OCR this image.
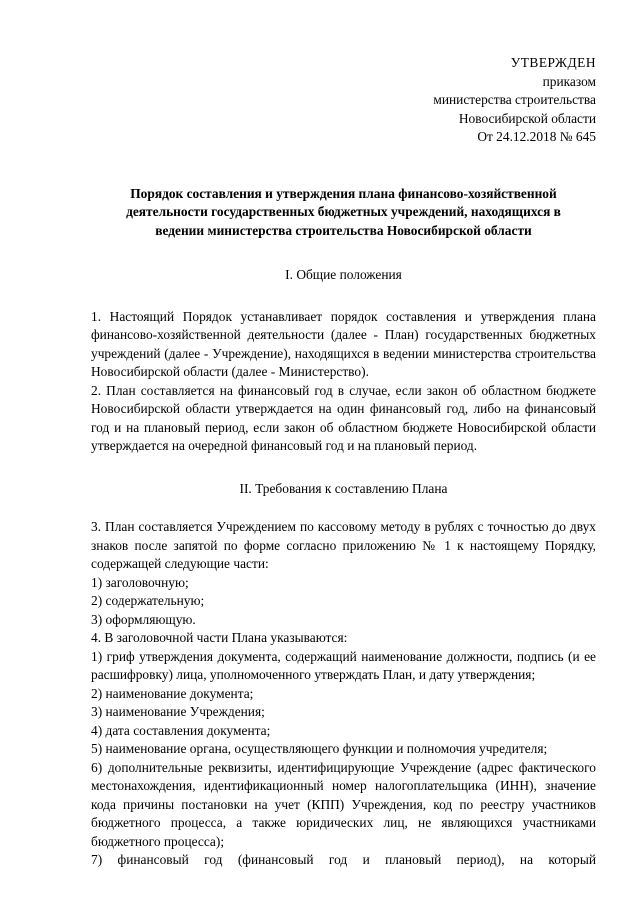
УТВЕРЖДЕН
приказом
министерства строительства
Новосибирской области
От 24.12.2018 № 645
Порядок составления и утверждения плана финансово-хозяйственной
деятельности государственных бюджетных учреждений, находящихся в
ведении министерства строительства Новосибирской области
I. Общие положения
1. Настоящий Порядок устанавливает порядок составления и утверждения плана финансово-хозяйственной деятельности (далее - План) государственных бюджетных учреждений (далее - Учреждение), находящихся в ведении министерства строительства Новосибирской области (далее - Министерство).
2. План составляется на финансовый год в случае, если закон об областном бюджете Новосибирской области утверждается на один финансовый год, либо на финансовый год и на плановый период, если закон об областном бюджете Новосибирской области утверждается на очередной финансовый год и на плановый период.
II. Требования к составлению Плана
3. План составляется Учреждением по кассовому методу в рублях с точностью до двух знаков после запятой по форме согласно приложению № 1 к настоящему Порядку, содержащей следующие части:
1) заголовочную;
2) содержательную;
3) оформляющую.
4. В заголовочной части Плана указываются:
1) гриф утверждения документа, содержащий наименование должности, подпись (и ее расшифровку) лица, уполномоченного утверждать План, и дату утверждения;
2) наименование документа;
3) наименование Учреждения;
4) дата составления документа;
5) наименование органа, осуществляющего функции и полномочия учредителя;
6) дополнительные реквизиты, идентифицирующие Учреждение (адрес фактического местонахождения, идентификационный номер налогоплательщика (ИНН), значение кода причины постановки на учет (КПП) Учреждения, код по реестру участников бюджетного процесса, а также юридических лиц, не являющихся участниками бюджетного процесса);
7) финансовый год (финансовый год и плановый период), на который
